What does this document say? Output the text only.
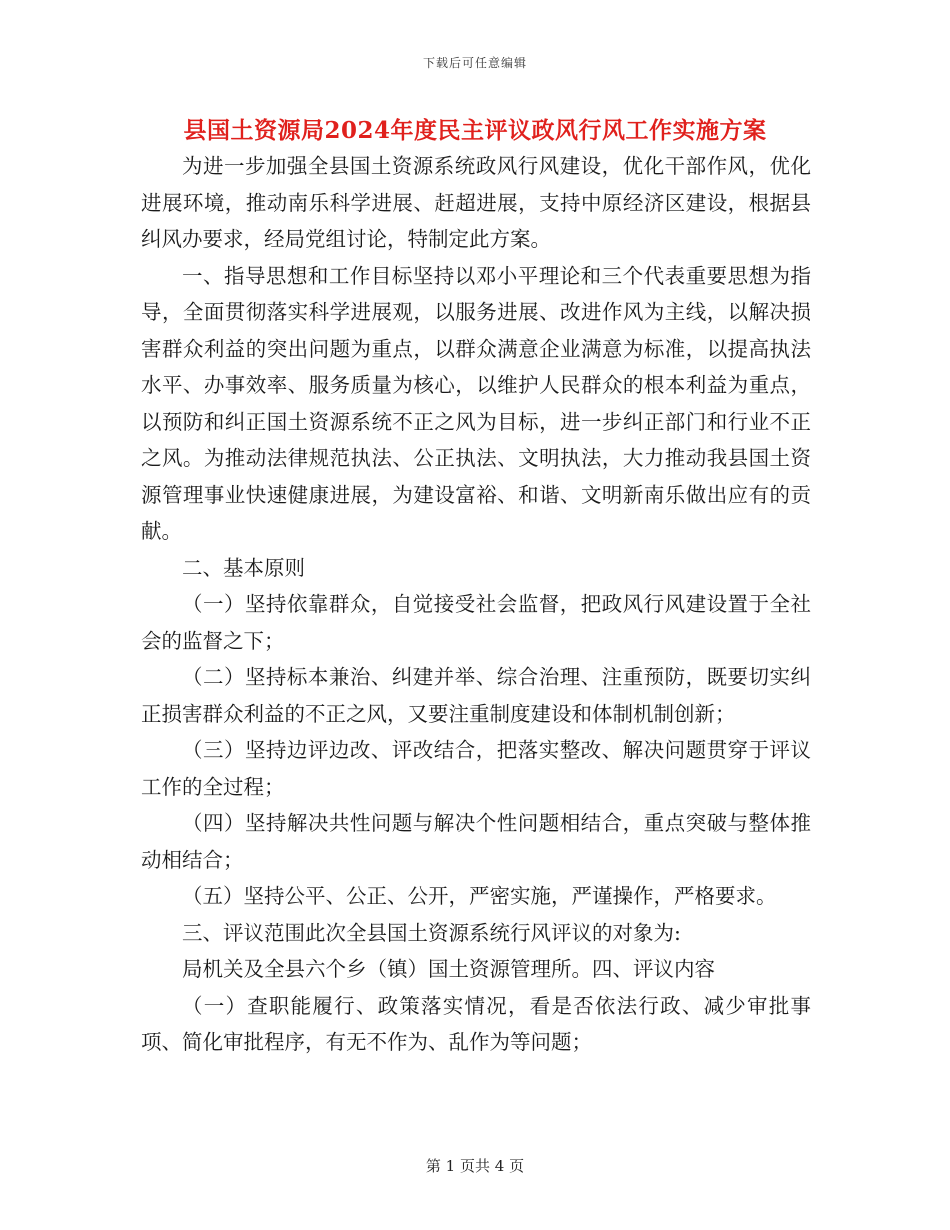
下载后可任意编辑
县国土资源局2024年度民主评议政风行风工作实施方案

为进一步加强全县国土资源系统政风行风建设，优化干部作风，优化进展环境，推动南乐科学进展、赶超进展，支持中原经济区建设，根据县纠风办要求，经局党组讨论，特制定此方案。

一、指导思想和工作目标坚持以邓小平理论和三个代表重要思想为指导，全面贯彻落实科学进展观，以服务进展、改进作风为主线，以解决损害群众利益的突出问题为重点，以群众满意企业满意为标准，以提高执法水平、办事效率、服务质量为核心，以维护人民群众的根本利益为重点，以预防和纠正国土资源系统不正之风为目标，进一步纠正部门和行业不正之风。为推动法律规范执法、公正执法、文明执法，大力推动我县国土资源管理事业快速健康进展，为建设富裕、和谐、文明新南乐做出应有的贡献。

二、基本原则

（一）坚持依靠群众，自觉接受社会监督，把政风行风建设置于全社会的监督之下；

（二）坚持标本兼治、纠建并举、综合治理、注重预防，既要切实纠正损害群众利益的不正之风，又要注重制度建设和体制机制创新；

（三）坚持边评边改、评改结合，把落实整改、解决问题贯穿于评议工作的全过程；

（四）坚持解决共性问题与解决个性问题相结合，重点突破与整体推动相结合；

（五）坚持公平、公正、公开，严密实施，严谨操作，严格要求。

三、评议范围此次全县国土资源系统行风评议的对象为:

局机关及全县六个乡（镇）国土资源管理所。四、评议内容

（一）查职能履行、政策落实情况，看是否依法行政、减少审批事项、简化审批程序，有无不作为、乱作为等问题；

第 1 页共 4 页
